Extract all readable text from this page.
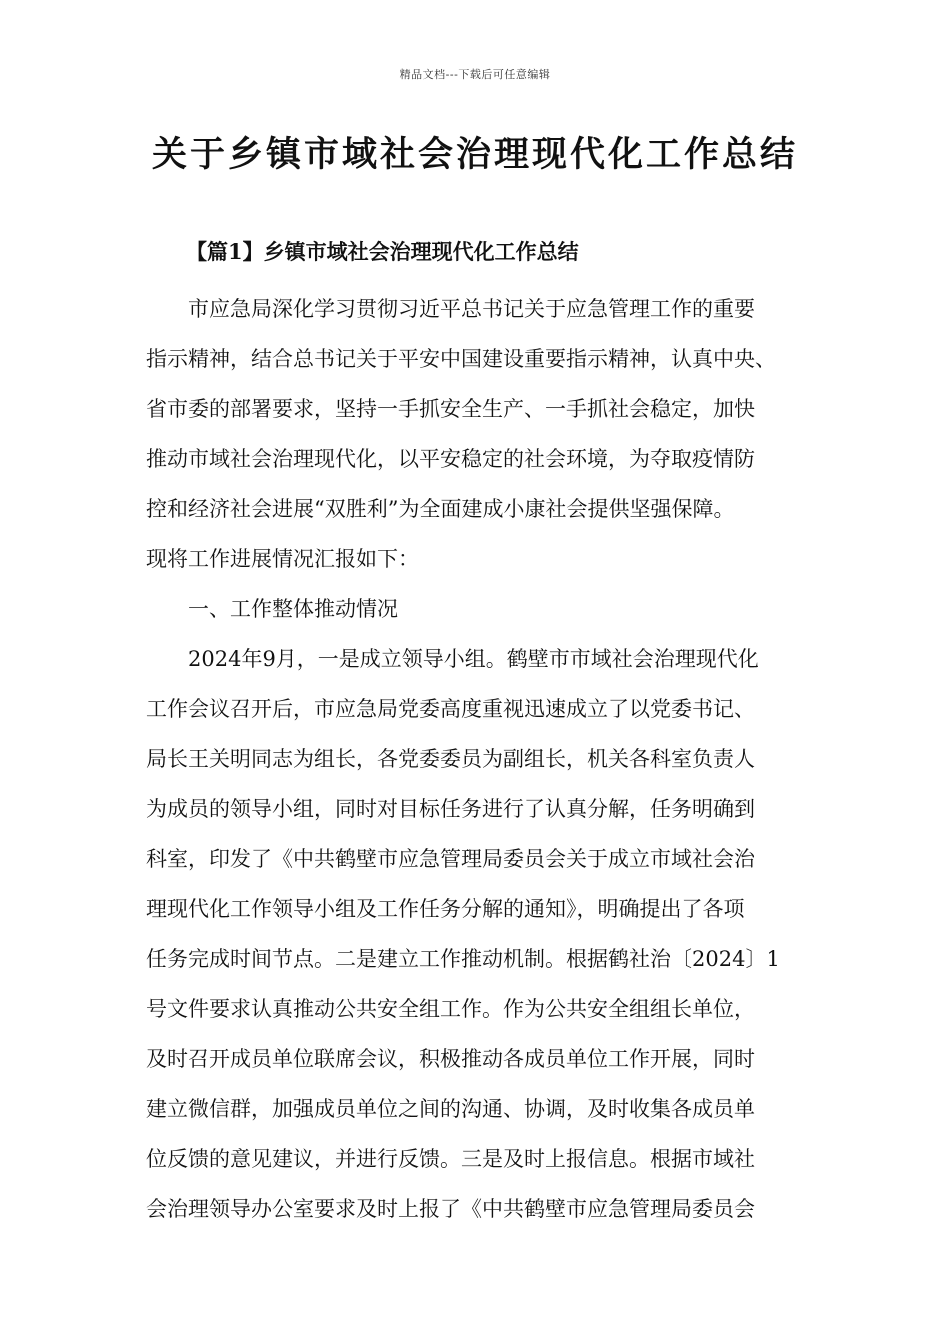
精品文档---下载后可任意编辑
关于乡镇市域社会治理现代化工作总结
【篇1】乡镇市域社会治理现代化工作总结
市应急局深化学习贯彻习近平总书记关于应急管理工作的重要
指示精神，结合总书记关于平安中国建设重要指示精神，认真中央、
省市委的部署要求，坚持一手抓安全生产、一手抓社会稳定，加快
推动市域社会治理现代化，以平安稳定的社会环境，为夺取疫情防
控和经济社会进展“双胜利”为全面建成小康社会提供坚强保障。
现将工作进展情况汇报如下：
一、工作整体推动情况
2024年9月，一是成立领导小组。鹤壁市市域社会治理现代化
工作会议召开后，市应急局党委高度重视迅速成立了以党委书记、
局长王关明同志为组长，各党委委员为副组长，机关各科室负责人
为成员的领导小组，同时对目标任务进行了认真分解，任务明确到
科室，印发了《中共鹤壁市应急管理局委员会关于成立市域社会治
理现代化工作领导小组及工作任务分解的通知》，明确提出了各项
任务完成时间节点。二是建立工作推动机制。根据鹤社治〔2024〕1
号文件要求认真推动公共安全组工作。作为公共安全组组长单位，
及时召开成员单位联席会议，积极推动各成员单位工作开展，同时
建立微信群，加强成员单位之间的沟通、协调，及时收集各成员单
位反馈的意见建议，并进行反馈。三是及时上报信息。根据市域社
会治理领导办公室要求及时上报了《中共鹤壁市应急管理局委员会
